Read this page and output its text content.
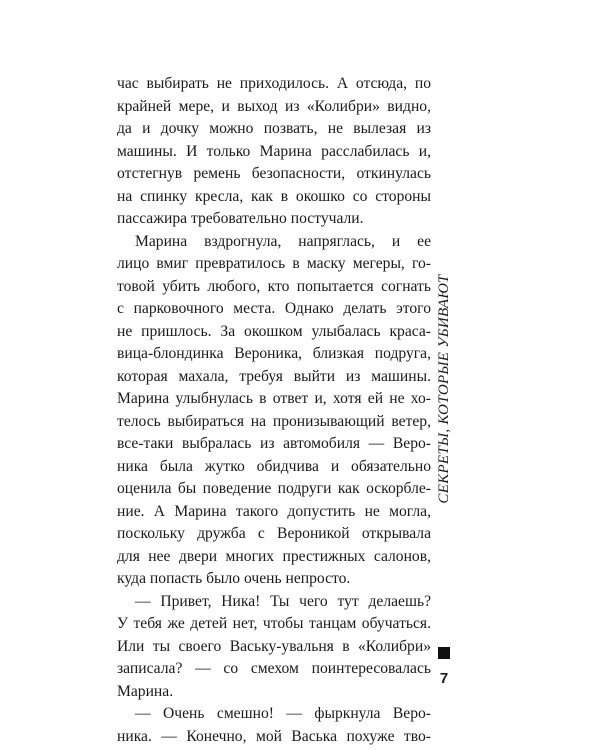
час выбирать не приходилось. А отсюда, по
крайней мере, и выход из «Колибри» видно,
да и дочку можно позвать, не вылезая из
машины. И только Марина расслабилась и,
отстегнув ремень безопасности, откинулась
на спинку кресла, как в окошко со стороны
пассажира требовательно постучали.
Марина вздрогнула, напряглась, и ее
лицо вмиг превратилось в маску мегеры, го-
товой убить любого, кто попытается согнать
с парковочного места. Однако делать этого
не пришлось. За окошком улыбалась краса-
вица-блондинка Вероника, близкая подруга,
которая махала, требуя выйти из машины.
Марина улыбнулась в ответ и, хотя ей не хо-
телось выбираться на пронизывающий ветер,
все-таки выбралась из автомобиля — Веро-
ника была жутко обидчива и обязательно
оценила бы поведение подруги как оскорбле-
ние. А Марина такого допустить не могла,
поскольку дружба с Вероникой открывала
для нее двери многих престижных салонов,
куда попасть было очень непросто.
— Привет, Ника! Ты чего тут делаешь?
У тебя же детей нет, чтобы танцам обучаться.
Или ты своего Ваську-увальня в «Колибри»
записала? — со смехом поинтересовалась
Марина.
— Очень смешно! — фыркнула Веро-
ника. — Конечно, мой Васька похуже тво-
СЕКРЕТЫ, КОТОРЫЕ УБИВАЮТ
7
